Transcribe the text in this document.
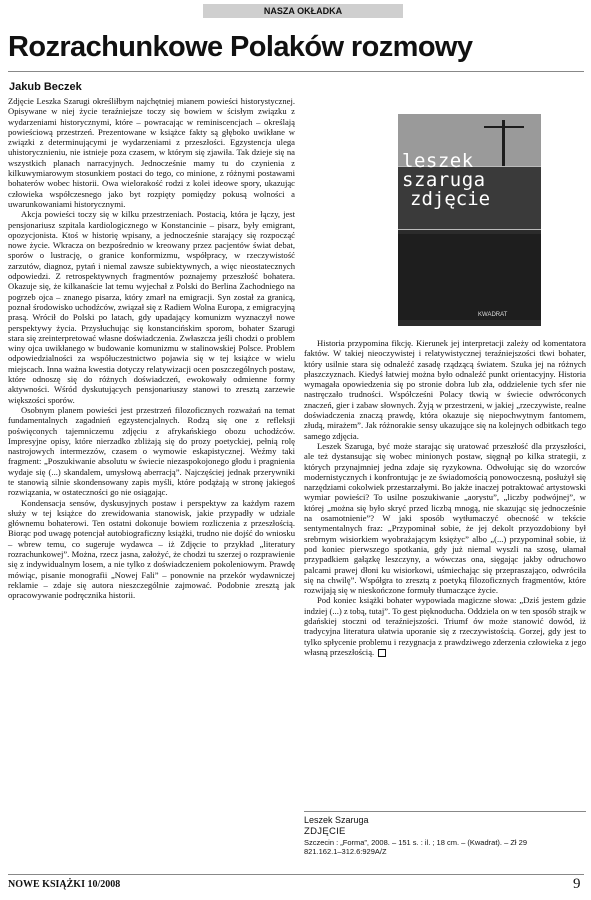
NASZA OKŁADKA
Rozrachunkowe Polaków rozmowy
Jakub Beczek

Zdjęcie Leszka Szarugi określiłbym najchętniej mianem powieści historystycznej. Opisywane w niej życie teraźniejsze toczy się bowiem w ścisłym związku z wydarzeniami historycznymi, które – powracając w reminiscencjach – określają powieściową przestrzeń. Prezentowane w książce fakty są głęboko uwikłane w związki z determinującymi je wydarzeniami z przeszłości. Egzystencja ulega uhistorycznieniu, nie istnieje poza czasem, w którym się zjawiła. Tak dzieje się na wszystkich planach narracyjnych. Jednocześnie mamy tu do czynienia z kilkuwymiarowym stosunkiem postaci do tego, co minione, z różnymi postawami bohaterów wobec historii. Owa wielorakość rodzi z kolei ideowe spory, ukazując człowieka współczesnego jako byt rozpięty pomiędzy pokusą wolności a uwarunkowaniami historycznymi.

Akcja powieści toczy się w kilku przestrzeniach. Postacią, która je łączy, jest pensjonariusz szpitala kardiologicznego w Konstancinie – pisarz, były emigrant, opozycjonista. Ktoś w historię wpisany, a jednocześnie starający się rozpocząć nowe życie. Wkracza on bezpośrednio w kreowany przez pacjentów świat debat, sporów o lustrację, o granice konformizmu, współpracy, w rzeczywistość zarzutów, diagnoz, pytań i niemal zawsze subiektywnych, a więc nieostatecznych odpowiedzi. Z retrospektywnych fragmentów poznajemy przeszłość bohatera. Okazuje się, że kilkanaście lat temu wyjechał z Polski do Berlina Zachodniego na pogrzeb ojca – znanego pisarza, który zmarł na emigracji. Syn został za granicą, poznał środowisko uchodźców, związał się z Radiem Wolna Europa, z emigracyjną prasą. Wrócił do Polski po latach, gdy upadający komunizm wyznaczył nowe perspektywy życia. Przysłuchując się konstancińskim sporom, bohater Szarugi stara się zreinterpretować własne doświadczenia. Zwłaszcza jeśli chodzi o problem winy ojca uwikłanego w budowanie komunizmu w stalinowskiej Polsce. Problem odpowiedzialności za współuczestnictwo pojawia się w tej książce w wielu miejscach. Inna ważna kwestia dotyczy relatywizacji ocen poszczególnych postaw, które odnoszę się do różnych doświadczeń, ewokowały odmienne formy aktywności. Wśród dyskutujących pensjonariuszy stanowi to zresztą zarzewie większości sporów.

Osobnym planem powieści jest przestrzeń filozoficznych rozważań na temat fundamentalnych zagadnień egzystencjalnych. Rodzą się one z refleksji poświęconych tajemniczemu zdjęciu z afrykańskiego obozu uchodźców. Impresyjne opisy, które nierzadko zbliżają się do prozy poetyckiej, pełnią rolę nastrojowych intermezzów, czasem o wymowie eskapistycznej. Weźmy taki fragment: „Poszukiwanie absolutu w świecie niezaspokojonego głodu i pragnienia wydaje się (...) skandalem, umysłową aberracją”. Najczęściej jednak przerywniki te stanowią silnie skondensowany zapis myśli, które podążają w stronę jakiegoś rozwiązania, w ostateczności go nie osiągając.

Kondensacja sensów, dyskusyjnych postaw i perspektyw za każdym razem służy w tej książce do zrewidowania stanowisk, jakie przypadły w udziale głównemu bohaterowi. Ten ostatni dokonuje bowiem rozliczenia z przeszłością. Biorąc pod uwagę potencjał autobiograficzny książki, trudno nie dojść do wniosku – wbrew temu, co sugeruje wydawca – iż Zdjęcie to przykład „literatury rozrachunkowej”. Można, rzecz jasna, założyć, że chodzi tu szerzej o rozprawienie się z indywidualnym losem, a nie tylko z doświadczeniem pokoleniowym. Prawdę mówiąc, pisanie monografii „Nowej Fali” – ponownie na przekór wydawniczej reklamie – zdaje się autora nieszczególnie zajmować. Podobnie zresztą jak opracowywanie podręcznika historii.

leszek
szaruga
zdjęcie
KWADRAT

Historia przypomina fikcję. Kierunek jej interpretacji zależy od komentatora faktów. W takiej nieoczywistej i relatywistycznej teraźniejszości tkwi bohater, który usilnie stara się odnaleźć zasadę rządzącą światem. Szuka jej na różnych płaszczyznach. Kiedyś łatwiej można było odnaleźć punkt orientacyjny. Historia wymagała opowiedzenia się po stronie dobra lub zła, oddzielenie tych sfer nie nastręczało trudności. Współcześni Polacy tkwią w świecie odwróconych znaczeń, gier i zabaw słownych. Żyją w przestrzeni, w jakiej „rzeczywiste, realne doświadczenia znaczą prawdę, która okazuje się niepochwytnym fantomem, złudą, mirażem”. Jak różnorakie sensy ukazujące się na kolejnych odbitkach tego samego zdjęcia.

Leszek Szaruga, być może starając się uratować przeszłość dla przyszłości, ale też dystansując się wobec minionych postaw, sięgnął po kilka strategii, z których przynajmniej jedna zdaje się ryzykowna. Odwołując się do wzorców modernistycznych i konfrontując je ze świadomością ponowoczesną, posłużył się narzędziami cokolwiek przestarzałymi. Bo jakże inaczej potraktować artystowski wymiar powieści? To usilne poszukiwanie „aorystu”, „liczby podwójnej”, w której „można się było skryć przed liczbą mnogą, nie skazując się jednocześnie na osamotnienie”? W jaki sposób wytłumaczyć obecność w tekście sentymentalnych fraz: „Przypominał sobie, że jej dekolt przyozdobiony był srebrnym wisiorkiem wyobrażającym księżyc” albo „(...) przypominał sobie, iż pod koniec pierwszego spotkania, gdy już niemal wyszli na szosę, ułamał przypadkiem gałązkę leszczyny, a wówczas ona, sięgając jakby odruchowo palcami prawej dłoni ku wisiorkowi, uśmiechając się przepraszająco, odwróciła się na chwilę”. Współgra to zresztą z poetyką filozoficznych fragmentów, które rozwijają się w nieskończone formuły tłumaczące życie.

Pod koniec książki bohater wypowiada magiczne słowa: „Dziś jestem gdzie indziej (...) z tobą, tutaj”. To gest pięknoducha. Oddziela on w ten sposób strajk w gdańskiej stoczni od teraźniejszości. Triumf ów może stanowić dowód, iż tradycyjna literatura ułatwia uporanie się z rzeczywistością. Gorzej, gdy jest to tylko spłycenie problemu i rezygnacja z prawdziwego zderzenia człowieka z jego własną przeszłością.

Leszek Szaruga
ZDJĘCIE
Szczecin : „Forma”, 2008. – 151 s. : il. ; 18 cm. – (Kwadrat). – Zł 29
821.162.1–312.6:929A/Z
NOWE KSIĄŻKI 10/2008	9
